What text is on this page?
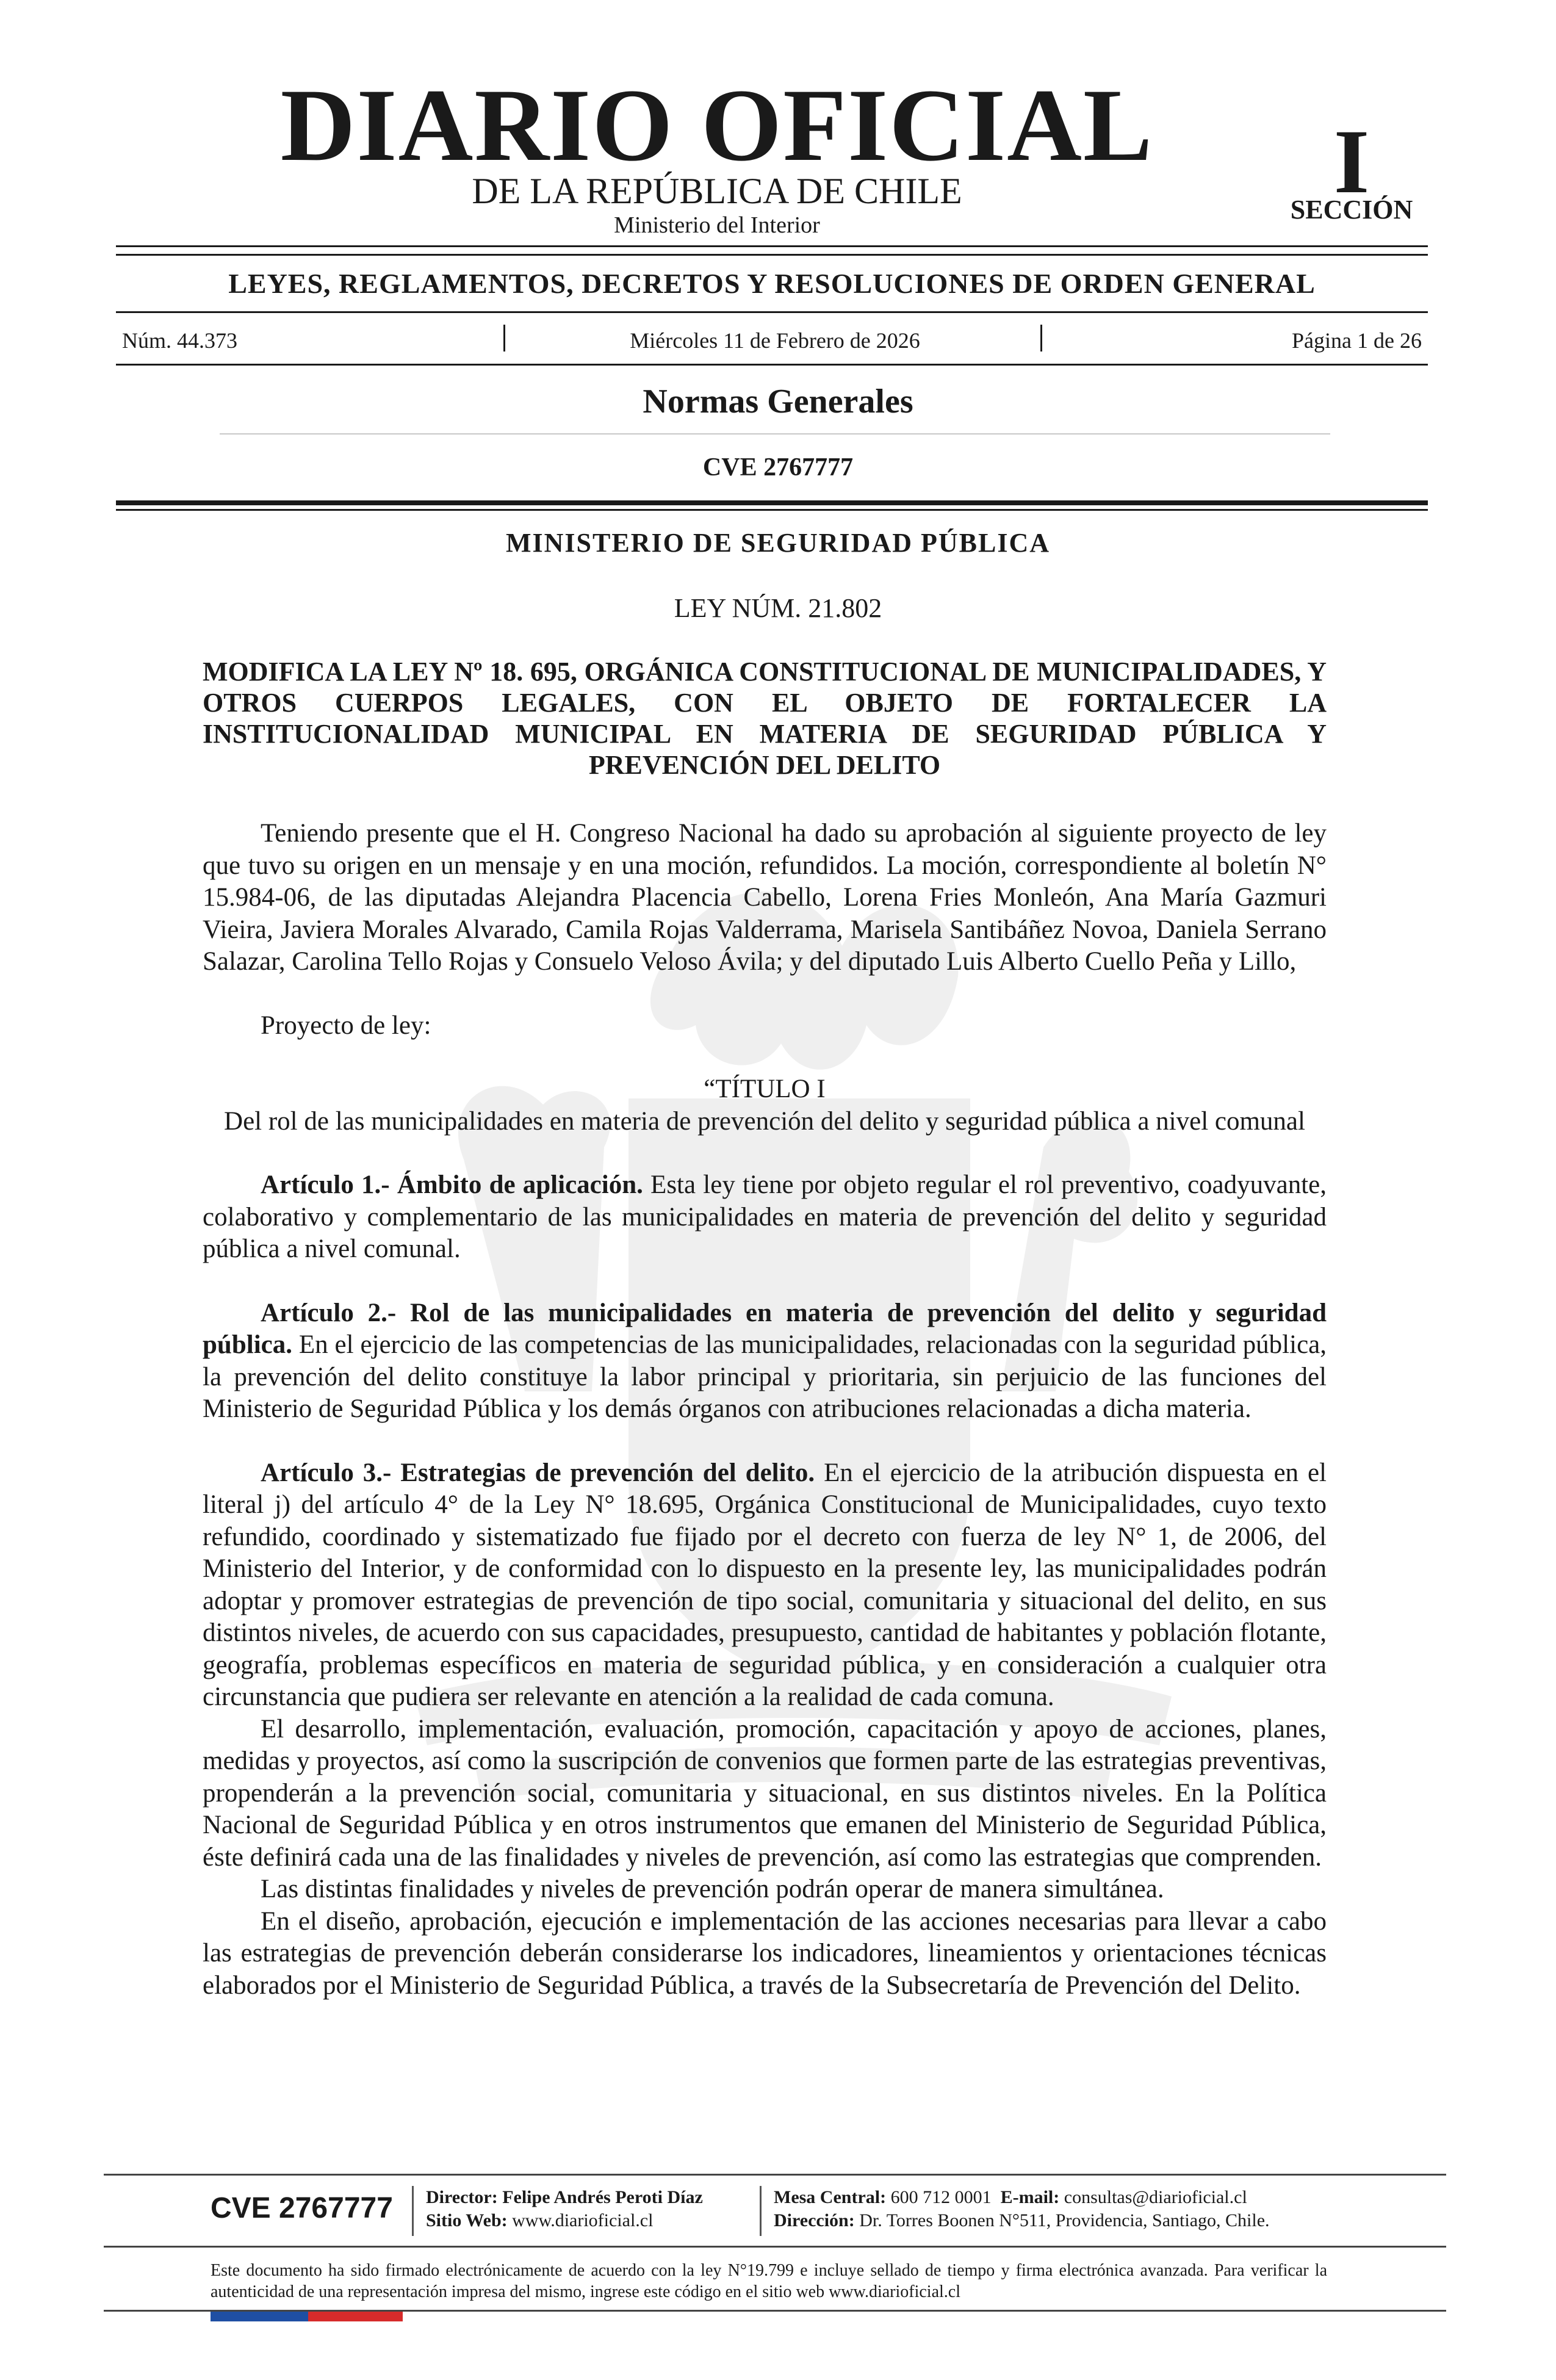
DIARIO OFICIAL
DE LA REPÚBLICA DE CHILE
Ministerio del Interior
I
SECCIÓN
LEYES, REGLAMENTOS, DECRETOS Y RESOLUCIONES DE ORDEN GENERAL
Núm. 44.373	Miércoles 11 de Febrero de 2026	Página 1 de 26
Normas Generales
CVE 2767777
MINISTERIO DE SEGURIDAD PÚBLICA
LEY NÚM. 21.802
MODIFICA LA LEY Nº 18. 695, ORGÁNICA CONSTITUCIONAL DE MUNICIPALIDADES, Y OTROS CUERPOS LEGALES, CON EL OBJETO DE FORTALECER LA INSTITUCIONALIDAD MUNICIPAL EN MATERIA DE SEGURIDAD PÚBLICA Y PREVENCIÓN DEL DELITO

Teniendo presente que el H. Congreso Nacional ha dado su aprobación al siguiente proyecto de ley que tuvo su origen en un mensaje y en una moción, refundidos. La moción, correspondiente al boletín N° 15.984-06, de las diputadas Alejandra Placencia Cabello, Lorena Fries Monleón, Ana María Gazmuri Vieira, Javiera Morales Alvarado, Camila Rojas Valderrama, Marisela Santibáñez Novoa, Daniela Serrano Salazar, Carolina Tello Rojas y Consuelo Veloso Ávila; y del diputado Luis Alberto Cuello Peña y Lillo,

Proyecto de ley:

“TÍTULO I

Del rol de las municipalidades en materia de prevención del delito y seguridad pública a nivel comunal

Artículo 1.- Ámbito de aplicación. Esta ley tiene por objeto regular el rol preventivo, coadyuvante, colaborativo y complementario de las municipalidades en materia de prevención del delito y seguridad pública a nivel comunal.

Artículo 2.- Rol de las municipalidades en materia de prevención del delito y seguridad pública. En el ejercicio de las competencias de las municipalidades, relacionadas con la seguridad pública, la prevención del delito constituye la labor principal y prioritaria, sin perjuicio de las funciones del Ministerio de Seguridad Pública y los demás órganos con atribuciones relacionadas a dicha materia.

Artículo 3.- Estrategias de prevención del delito. En el ejercicio de la atribución dispuesta en el literal j) del artículo 4° de la Ley N° 18.695, Orgánica Constitucional de Municipalidades, cuyo texto refundido, coordinado y sistematizado fue fijado por el decreto con fuerza de ley N° 1, de 2006, del Ministerio del Interior, y de conformidad con lo dispuesto en la presente ley, las municipalidades podrán adoptar y promover estrategias de prevención de tipo social, comunitaria y situacional del delito, en sus distintos niveles, de acuerdo con sus capacidades, presupuesto, cantidad de habitantes y población flotante, geografía, problemas específicos en materia de seguridad pública, y en consideración a cualquier otra circunstancia que pudiera ser relevante en atención a la realidad de cada comuna.

El desarrollo, implementación, evaluación, promoción, capacitación y apoyo de acciones, planes, medidas y proyectos, así como la suscripción de convenios que formen parte de las estrategias preventivas, propenderán a la prevención social, comunitaria y situacional, en sus distintos niveles. En la Política Nacional de Seguridad Pública y en otros instrumentos que emanen del Ministerio de Seguridad Pública, éste definirá cada una de las finalidades y niveles de prevención, así como las estrategias que comprenden.

Las distintas finalidades y niveles de prevención podrán operar de manera simultánea.

En el diseño, aprobación, ejecución e implementación de las acciones necesarias para llevar a cabo las estrategias de prevención deberán considerarse los indicadores, lineamientos y orientaciones técnicas elaborados por el Ministerio de Seguridad Pública, a través de la Subsecretaría de Prevención del Delito.

CVE 2767777 Director: Felipe Andrés Peroti Díaz
Sitio Web: www.diarioficial.cl
Mesa Central: 600 712 0001 E-mail: consultas@diarioficial.cl
Dirección: Dr. Torres Boonen N°511, Providencia, Santiago, Chile.
Este documento ha sido firmado electrónicamente de acuerdo con la ley N°19.799 e incluye sellado de tiempo y firma electrónica avanzada. Para verificar la autenticidad de una representación impresa del mismo, ingrese este código en el sitio web www.diarioficial.cl
